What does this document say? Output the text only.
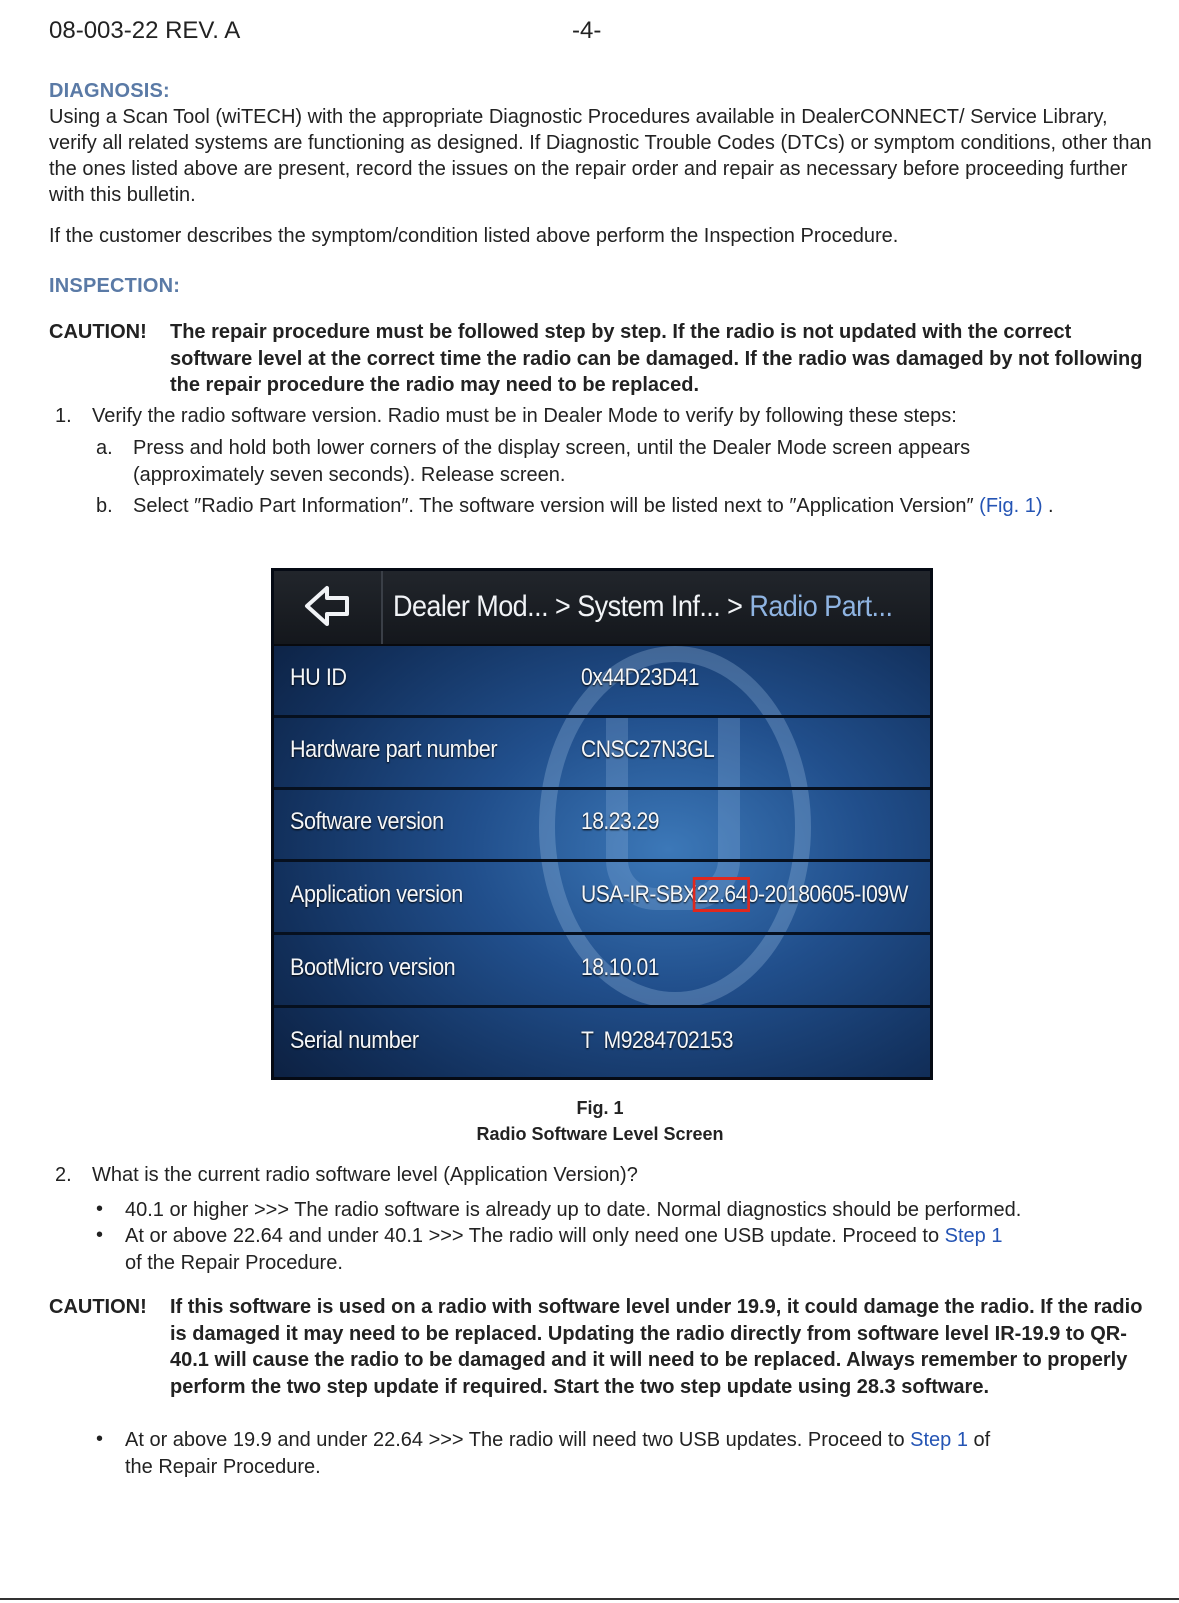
08-003-22 REV. A	-4-
DIAGNOSIS:
Using a Scan Tool (wiTECH) with the appropriate Diagnostic Procedures available in DealerCONNECT/ Service Library, verify all related systems are functioning as designed. If Diagnostic Trouble Codes (DTCs) or symptom conditions, other than the ones listed above are present, record the issues on the repair order and repair as necessary before proceeding further with this bulletin.
If the customer describes the symptom/condition listed above perform the Inspection Procedure.
INSPECTION:
CAUTION! The repair procedure must be followed step by step. If the radio is not updated with the correct software level at the correct time the radio can be damaged. If the radio was damaged by not following the repair procedure the radio may need to be replaced.
1. Verify the radio software version. Radio must be in Dealer Mode to verify by following these steps:
a. Press and hold both lower corners of the display screen, until the Dealer Mode screen appears (approximately seven seconds). Release screen.
b. Select ″Radio Part Information″. The software version will be listed next to ″Application Version″ (Fig. 1) .
Dealer Mod... > System Inf... > Radio Part...
HU ID	0x44D23D41
Hardware part number	CNSC27N3GL
Software version	18.23.29
Application version	USA-IR-SBX22.640-20180605-I09W
BootMicro version	18.10.01
Serial number	T  M9284702153
Fig. 1
Radio Software Level Screen
2. What is the current radio software level (Application Version)?
• 40.1 or higher >>> The radio software is already up to date. Normal diagnostics should be performed.
• At or above 22.64 and under 40.1 >>> The radio will only need one USB update. Proceed to Step 1
of the Repair Procedure.
CAUTION! If this software is used on a radio with software level under 19.9, it could damage the radio. If the radio is damaged it may need to be replaced. Updating the radio directly from software level IR-19.9 to QR-40.1 will cause the radio to be damaged and it will need to be replaced. Always remember to properly perform the two step update if required. Start the two step update using 28.3 software.
• At or above 19.9 and under 22.64 >>> The radio will need two USB updates. Proceed to Step 1 of
the Repair Procedure.
